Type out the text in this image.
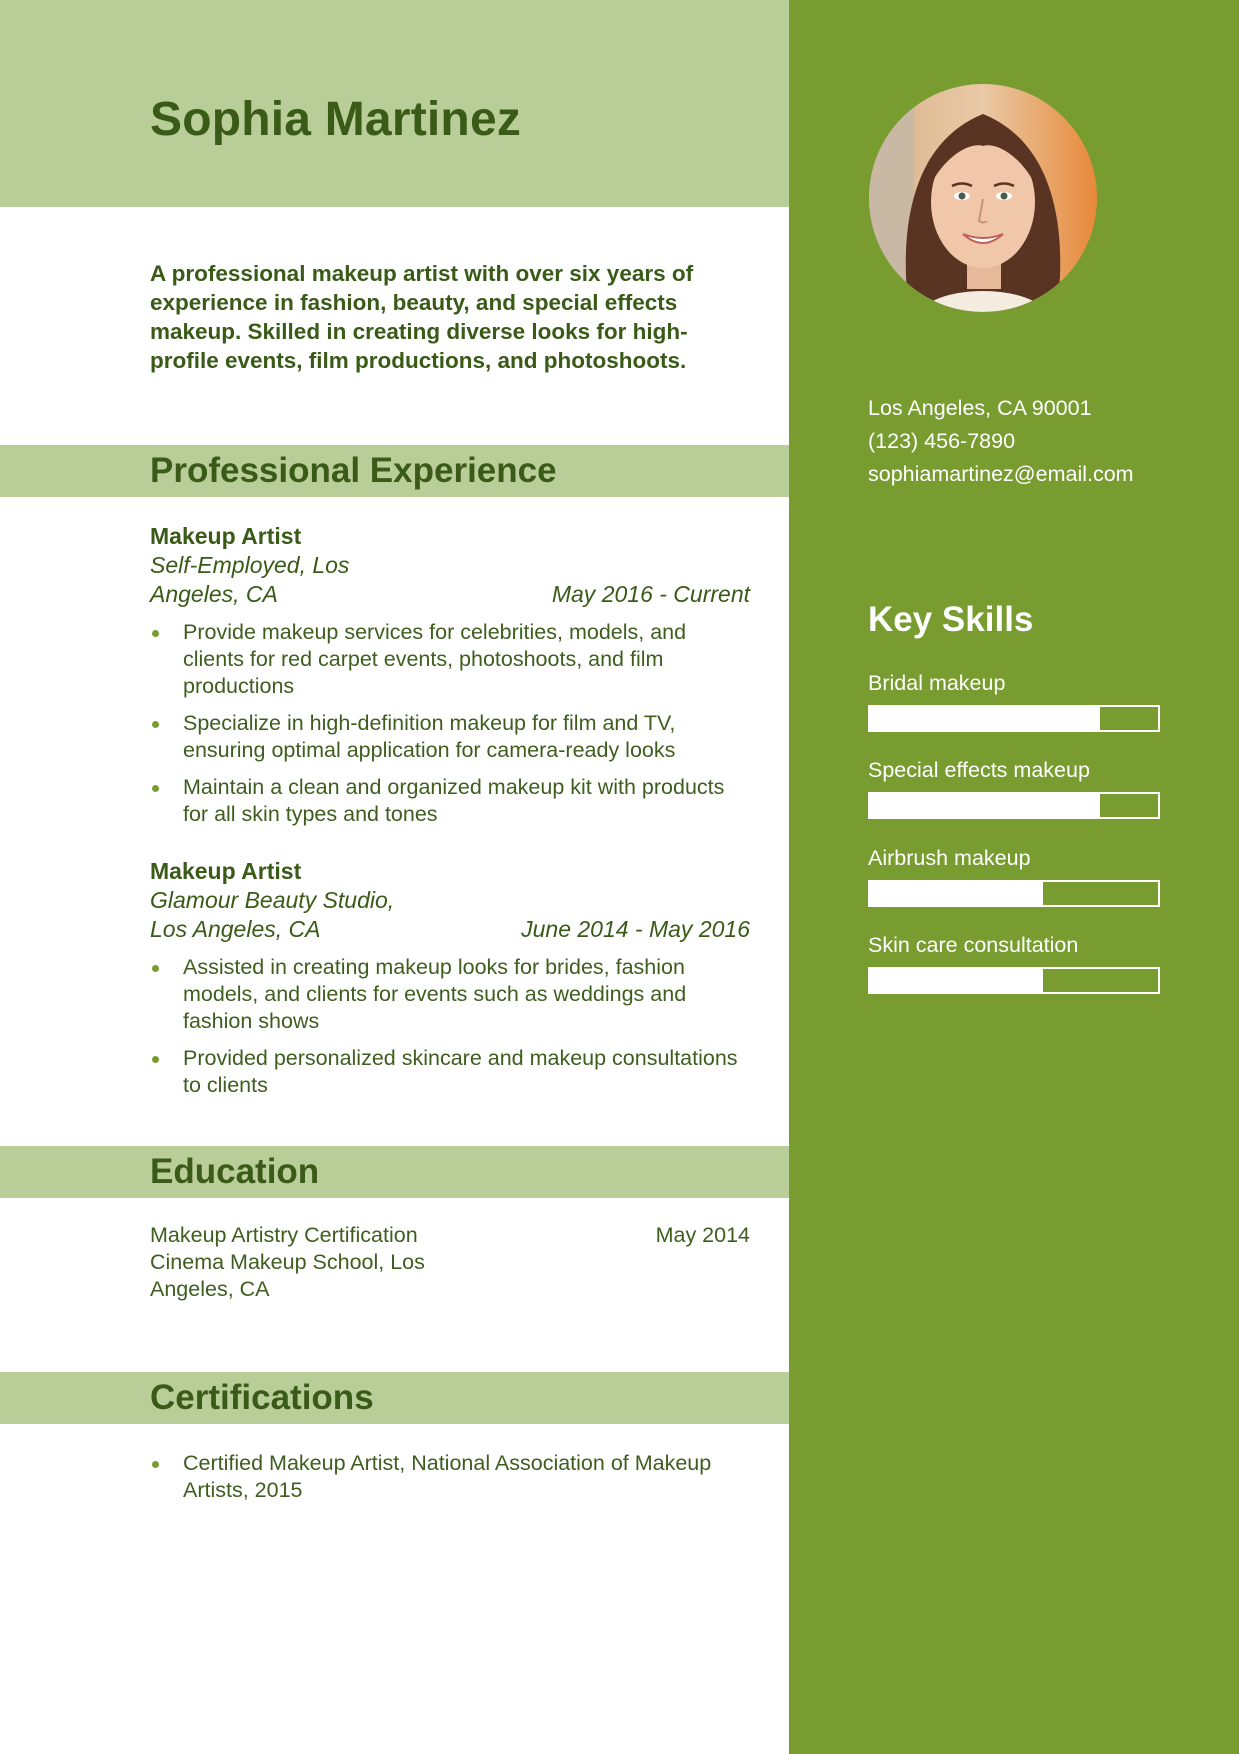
Sophia Martinez

A professional makeup artist with over six years of experience in fashion, beauty, and special effects makeup. Skilled in creating diverse looks for high-profile events, film productions, and photoshoots.

Professional Experience
Makeup Artist
Self-Employed, Los Angeles, CA	May 2016 - Current
Provide makeup services for celebrities, models, and clients for red carpet events, photoshoots, and film productions
Specialize in high-definition makeup for film and TV, ensuring optimal application for camera-ready looks
Maintain a clean and organized makeup kit with products for all skin types and tones
Makeup Artist
Glamour Beauty Studio, Los Angeles, CA	June 2014 - May 2016
Assisted in creating makeup looks for brides, fashion models, and clients for events such as weddings and fashion shows
Provided personalized skincare and makeup consultations to clients
Education
Makeup Artistry Certification
Cinema Makeup School, Los Angeles, CA
May 2014
Certifications
Certified Makeup Artist, National Association of Makeup Artists, 2015
Los Angeles, CA 90001
(123) 456-7890
sophiamartinez@email.com
Key Skills
Bridal makeup
Special effects makeup
Airbrush makeup
Skin care consultation
